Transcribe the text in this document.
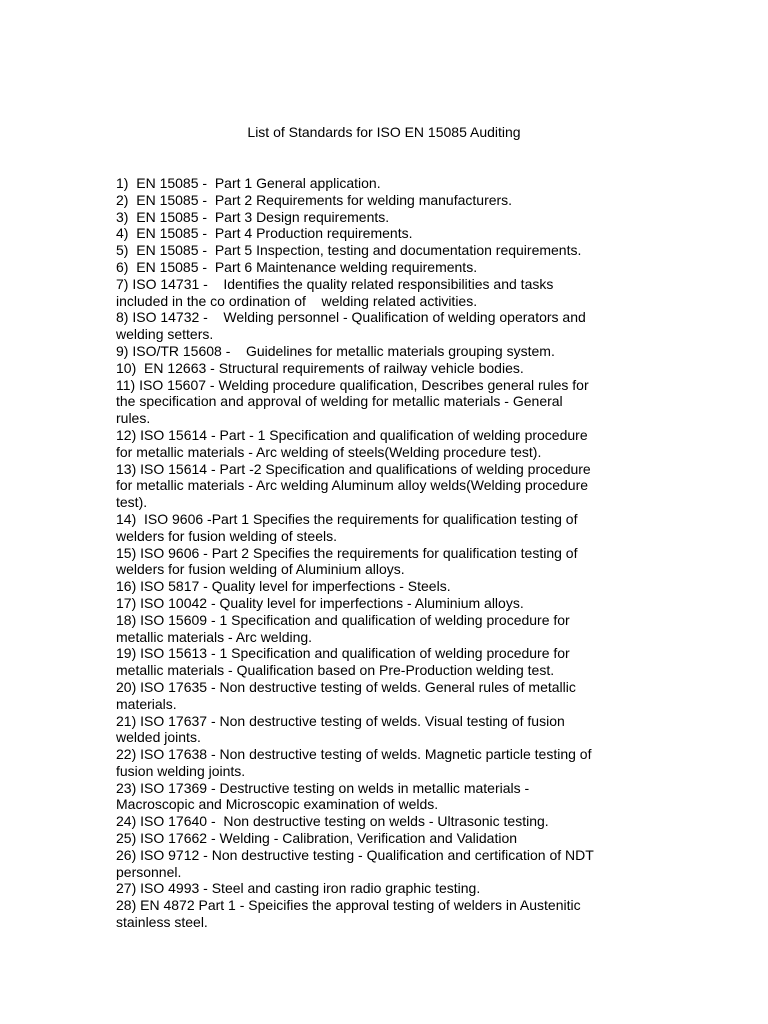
List of Standards for ISO EN 15085 Auditing
1)  EN 15085 -  Part 1 General application.
2)  EN 15085 -  Part 2 Requirements for welding manufacturers.
3)  EN 15085 -  Part 3 Design requirements.
4)  EN 15085 -  Part 4 Production requirements.
5)  EN 15085 -  Part 5 Inspection, testing and documentation requirements.
6)  EN 15085 -  Part 6 Maintenance welding requirements.
7) ISO 14731 -    Identifies the quality related responsibilities and tasks
included in the co ordination of    welding related activities.
8) ISO 14732 -    Welding personnel - Qualification of welding operators and
welding setters.
9) ISO/TR 15608 -    Guidelines for metallic materials grouping system.
10)  EN 12663 - Structural requirements of railway vehicle bodies.
11) ISO 15607 - Welding procedure qualification, Describes general rules for
the specification and approval of welding for metallic materials - General
rules.
12) ISO 15614 - Part - 1 Specification and qualification of welding procedure
for metallic materials - Arc welding of steels(Welding procedure test).
13) ISO 15614 - Part -2 Specification and qualifications of welding procedure
for metallic materials - Arc welding Aluminum alloy welds(Welding procedure
test).
14)  ISO 9606 -Part 1 Specifies the requirements for qualification testing of
welders for fusion welding of steels.
15) ISO 9606 - Part 2 Specifies the requirements for qualification testing of
welders for fusion welding of Aluminium alloys.
16) ISO 5817 - Quality level for imperfections - Steels.
17) ISO 10042 - Quality level for imperfections - Aluminium alloys.
18) ISO 15609 - 1 Specification and qualification of welding procedure for
metallic materials - Arc welding.
19) ISO 15613 - 1 Specification and qualification of welding procedure for
metallic materials - Qualification based on Pre-Production welding test.
20) ISO 17635 - Non destructive testing of welds. General rules of metallic
materials.
21) ISO 17637 - Non destructive testing of welds. Visual testing of fusion
welded joints.
22) ISO 17638 - Non destructive testing of welds. Magnetic particle testing of
fusion welding joints.
23) ISO 17369 - Destructive testing on welds in metallic materials -
Macroscopic and Microscopic examination of welds.
24) ISO 17640 -  Non destructive testing on welds - Ultrasonic testing.
25) ISO 17662 - Welding - Calibration, Verification and Validation
26) ISO 9712 - Non destructive testing - Qualification and certification of NDT
personnel.
27) ISO 4993 - Steel and casting iron radio graphic testing.
28) EN 4872 Part 1 - Speicifies the approval testing of welders in Austenitic
stainless steel.
